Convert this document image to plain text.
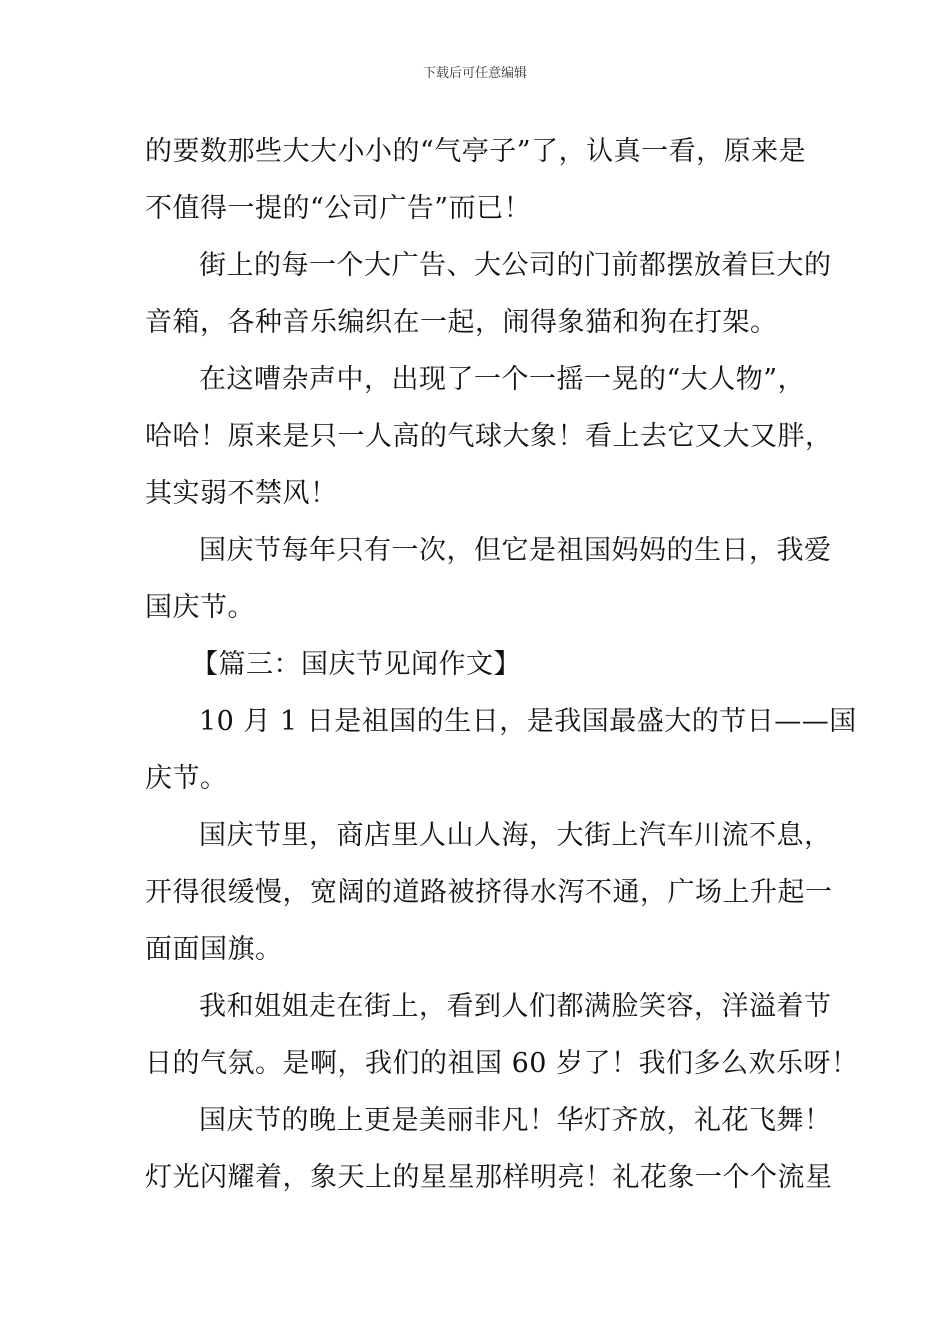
下载后可任意编辑
的要数那些大大小小的“气亭子”了，认真一看，原来是
不值得一提的“公司广告”而已！
街上的每一个大广告、大公司的门前都摆放着巨大的
音箱，各种音乐编织在一起，闹得象猫和狗在打架。
在这嘈杂声中，出现了一个一摇一晃的“大人物”，
哈哈！原来是只一人高的气球大象！看上去它又大又胖，
其实弱不禁风！
国庆节每年只有一次，但它是祖国妈妈的生日，我爱
国庆节。
【篇三：国庆节见闻作文】
10 月 1 日是祖国的生日，是我国最盛大的节日——国
庆节。
国庆节里，商店里人山人海，大街上汽车川流不息，
开得很缓慢，宽阔的道路被挤得水泻不通，广场上升起一
面面国旗。
我和姐姐走在街上，看到人们都满脸笑容，洋溢着节
日的气氛。是啊，我们的祖国 60 岁了！我们多么欢乐呀！
国庆节的晚上更是美丽非凡！华灯齐放，礼花飞舞！
灯光闪耀着，象天上的星星那样明亮！礼花象一个个流星
